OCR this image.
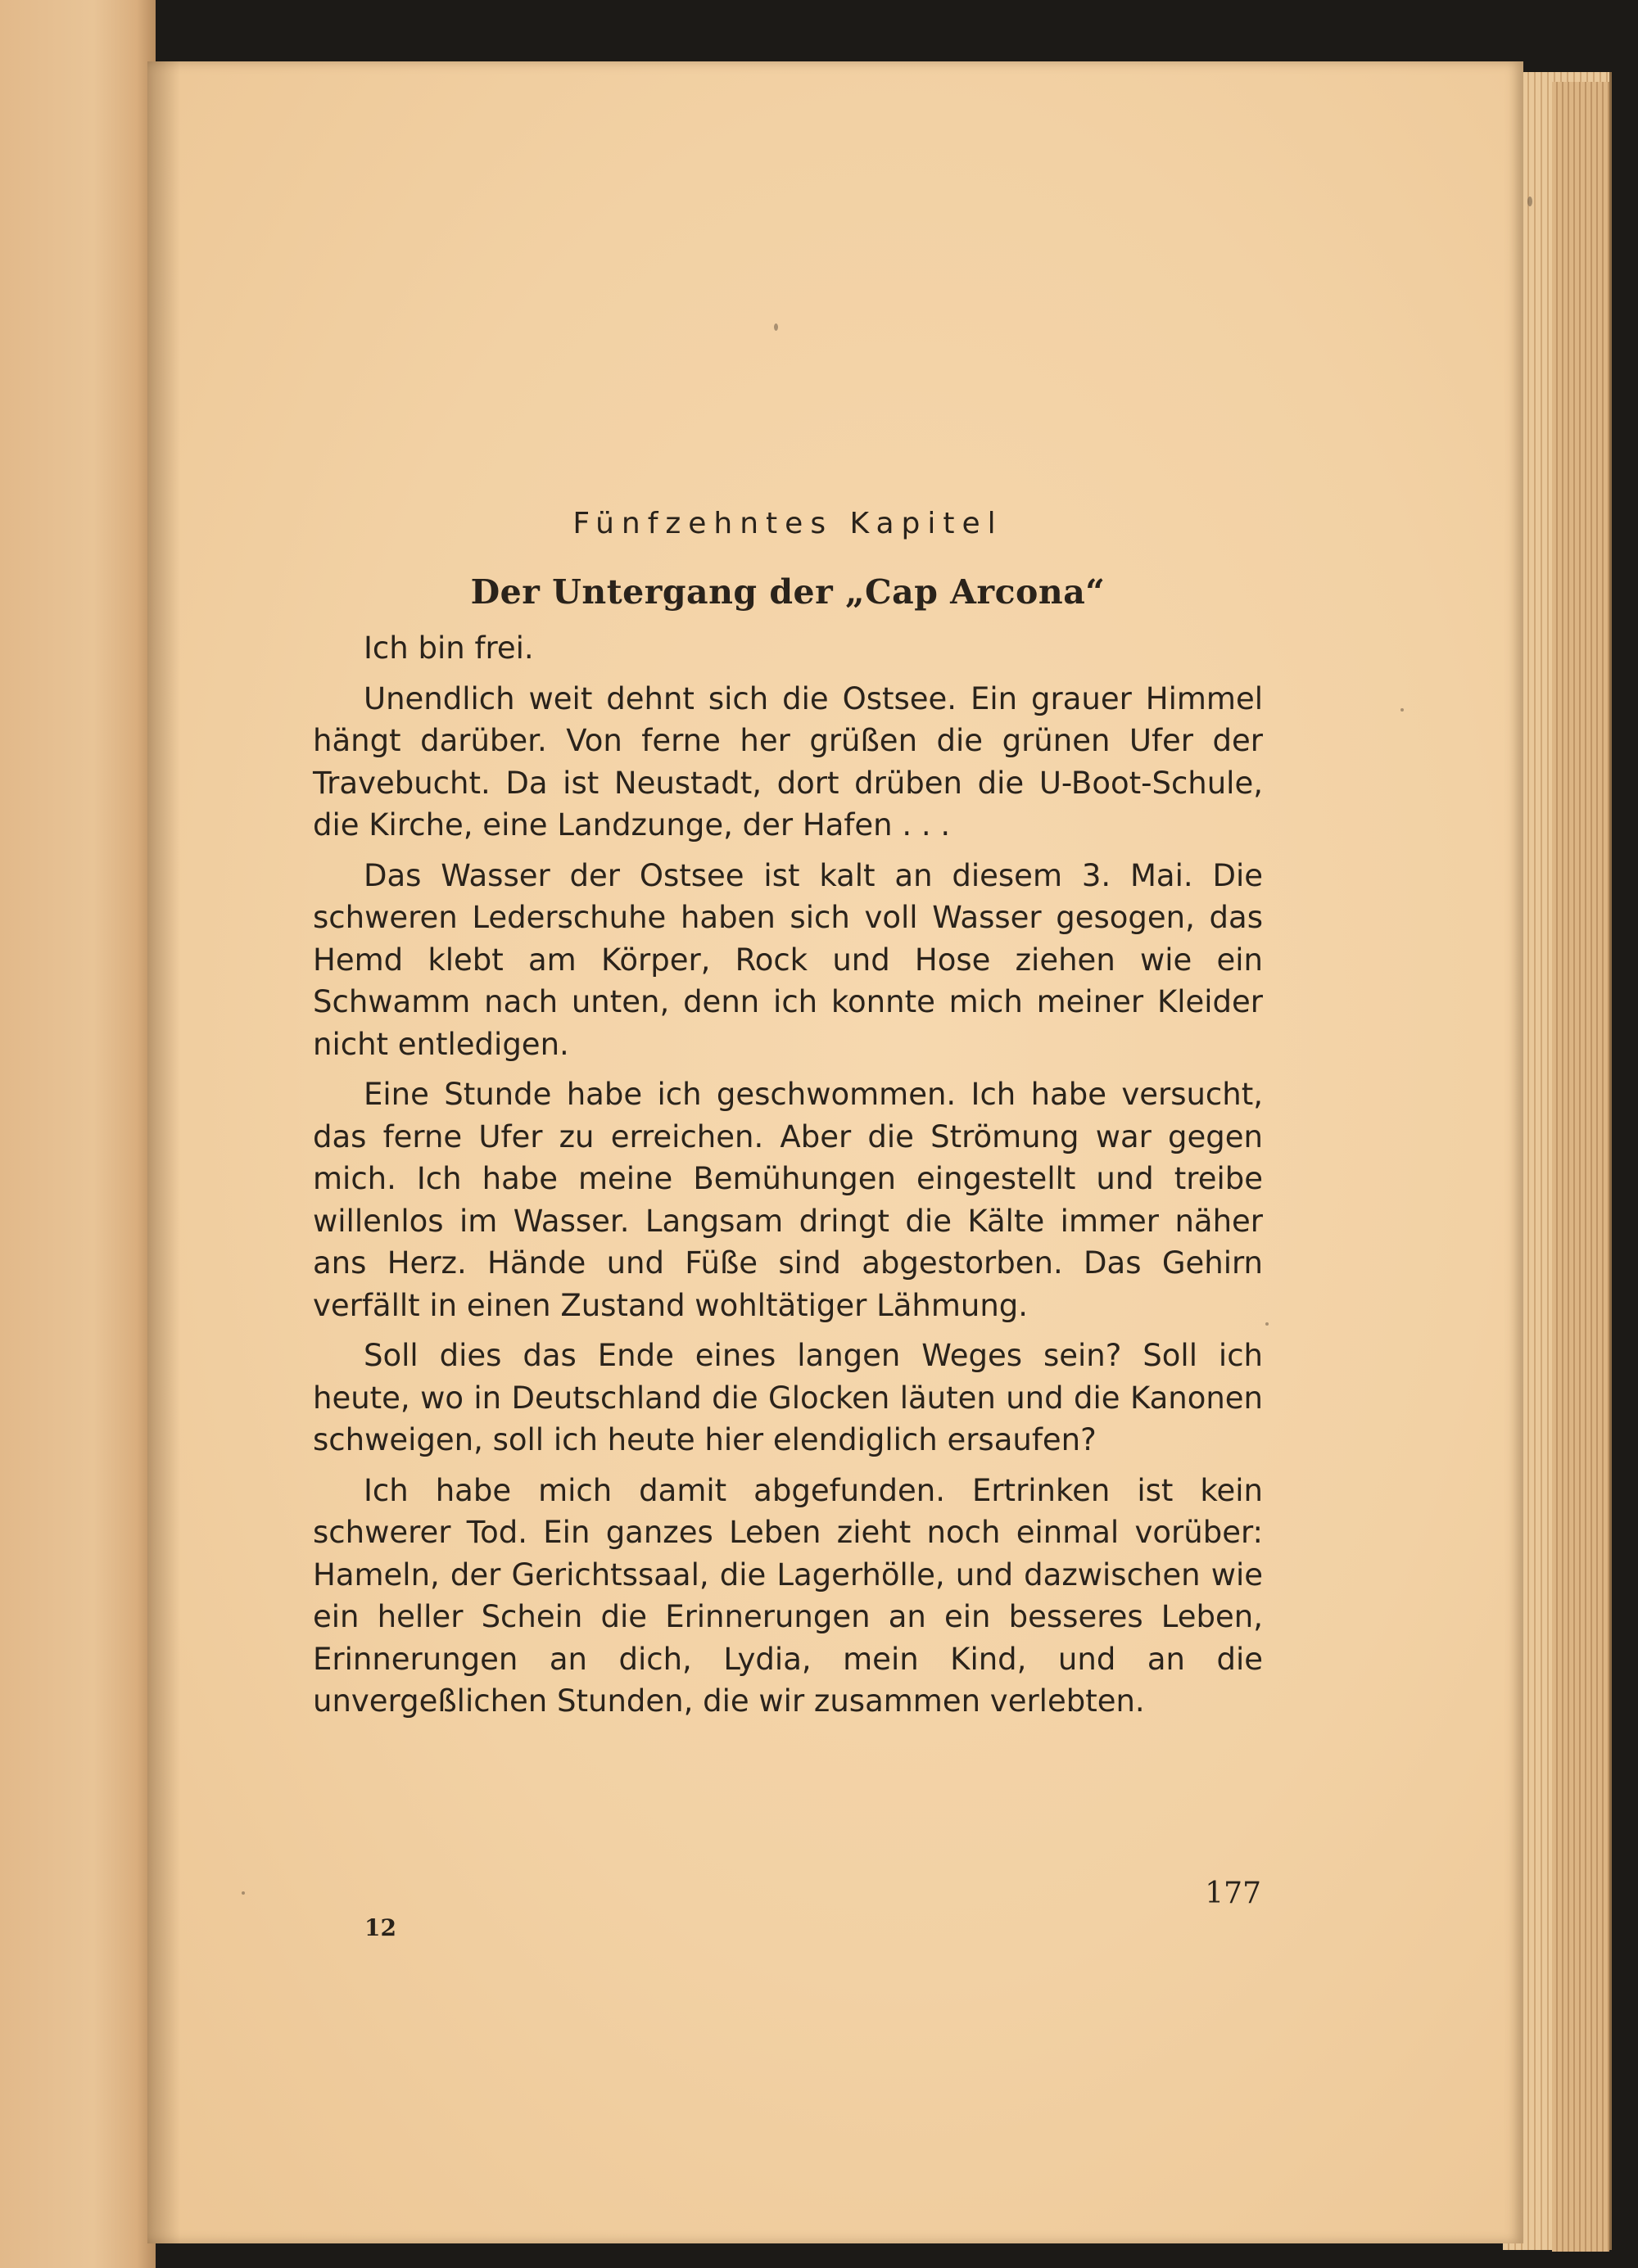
Fünfzehntes Kapitel
Der Untergang der „Cap Arcona“

Ich bin frei.

Unendlich weit dehnt sich die Ostsee. Ein grauer Himmel hängt darüber. Von ferne her grüßen die grünen Ufer der Travebucht. Da ist Neustadt, dort drüben die U-Boot-Schule, die Kirche, eine Landzunge, der Hafen . . .

Das Wasser der Ostsee ist kalt an diesem 3. Mai. Die schweren Lederschuhe haben sich voll Wasser gesogen, das Hemd klebt am Körper, Rock und Hose ziehen wie ein Schwamm nach unten, denn ich konnte mich meiner Kleider nicht entledigen.

Eine Stunde habe ich geschwommen. Ich habe versucht, das ferne Ufer zu erreichen. Aber die Strömung war gegen mich. Ich habe meine Bemühungen eingestellt und treibe willenlos im Wasser. Langsam dringt die Kälte immer näher ans Herz. Hände und Füße sind abgestorben. Das Gehirn verfällt in einen Zustand wohltätiger Lähmung.

Soll dies das Ende eines langen Weges sein? Soll ich heute, wo in Deutschland die Glocken läuten und die Kanonen schweigen, soll ich heute hier elendiglich ersaufen?

Ich habe mich damit abgefunden. Ertrinken ist kein schwerer Tod. Ein ganzes Leben zieht noch einmal vorüber: Hameln, der Gerichtssaal, die Lagerhölle, und dazwischen wie ein heller Schein die Erinnerungen an ein besseres Leben, Erinnerungen an dich, Lydia, mein Kind, und an die unvergeßlichen Stunden, die wir zusammen verlebten.

177
12
